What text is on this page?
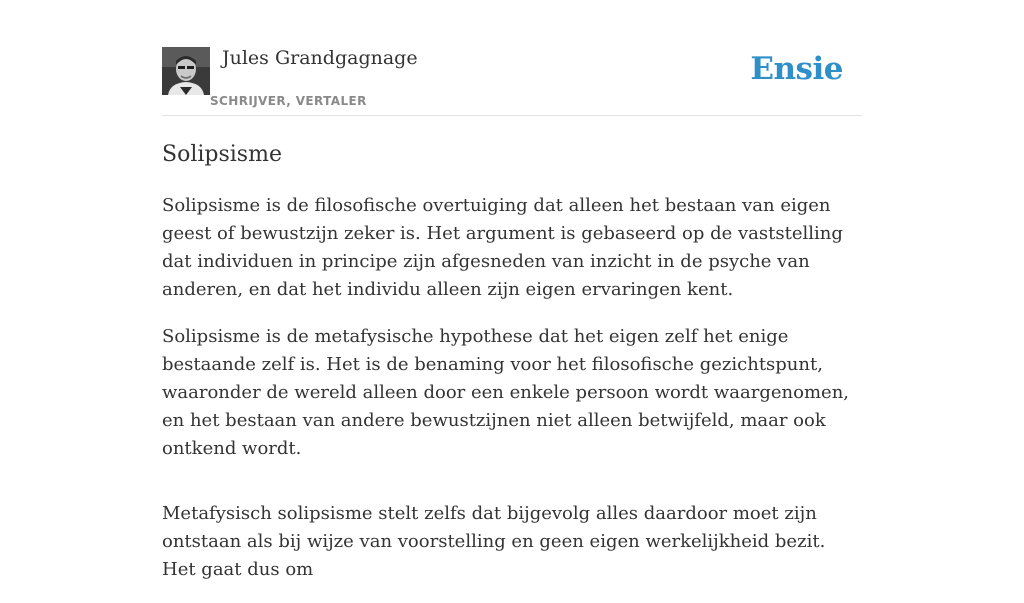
Jules Grandgagnage
SCHRIJVER, VERTALER
Ensie
Solipsisme

Solipsisme is de filosofische overtuiging dat alleen het bestaan van eigen geest of bewustzijn zeker is. Het argument is gebaseerd op de vaststelling dat individuen in principe zijn afgesneden van inzicht in de psyche van anderen, en dat het individu alleen zijn eigen ervaringen kent.

Solipsisme is de metafysische hypothese dat het eigen zelf het enige bestaande zelf is. Het is de benaming voor het filosofische gezichtspunt, waaronder de wereld alleen door een enkele persoon wordt waargenomen, en het bestaan van andere bewustzijnen niet alleen betwijfeld, maar ook ontkend wordt.

Metafysisch solipsisme stelt zelfs dat bijgevolg alles daardoor moet zijn ontstaan als bij wijze van voorstelling en geen eigen werkelijkheid bezit. Het gaat dus om
